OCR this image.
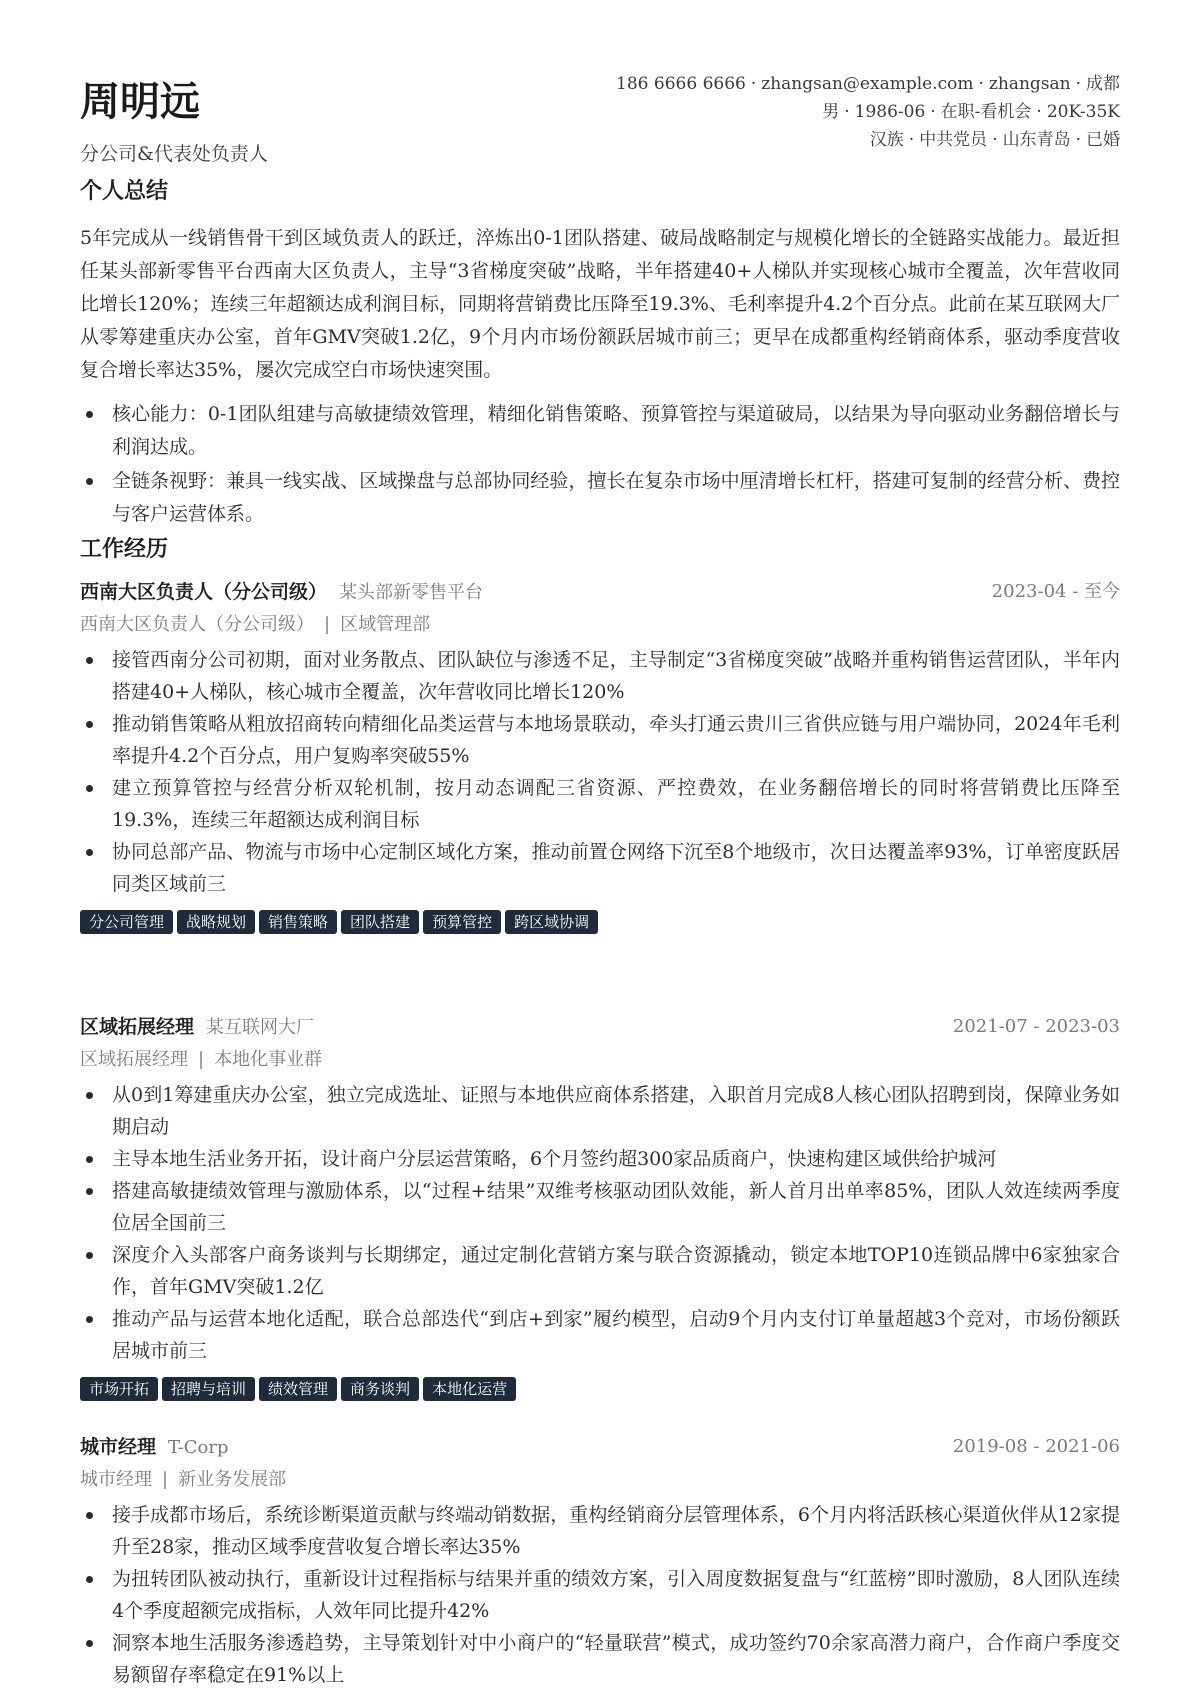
周明远
分公司&代表处负责人
186 6666 6666 · zhangsan@example.com · zhangsan · 成都
男 · 1986-06 · 在职-看机会 · 20K-35K
汉族 · 中共党员 · 山东青岛 · 已婚
个人总结
5年完成从一线销售骨干到区域负责人的跃迁，淬炼出0-1团队搭建、破局战略制定与规模化增长的全链路实战能力。最近担任某头部新零售平台西南大区负责人，主导“3省梯度突破”战略，半年搭建40+人梯队并实现核心城市全覆盖，次年营收同比增长120%；连续三年超额达成利润目标，同期将营销费比压降至19.3%、毛利率提升4.2个百分点。此前在某互联网大厂从零筹建重庆办公室，首年GMV突破1.2亿，9个月内市场份额跃居城市前三；更早在成都重构经销商体系，驱动季度营收复合增长率达35%，屡次完成空白市场快速突围。
核心能力：0-1团队组建与高敏捷绩效管理，精细化销售策略、预算管控与渠道破局，以结果为导向驱动业务翻倍增长与利润达成。
全链条视野：兼具一线实战、区域操盘与总部协同经验，擅长在复杂市场中厘清增长杠杆，搭建可复制的经营分析、费控与客户运营体系。
工作经历
西南大区负责人（分公司级） 某头部新零售平台	2023-04 - 至今
西南大区负责人（分公司级） | 区域管理部
接管西南分公司初期，面对业务散点、团队缺位与渗透不足，主导制定“3省梯度突破”战略并重构销售运营团队，半年内搭建40+人梯队，核心城市全覆盖，次年营收同比增长120%
推动销售策略从粗放招商转向精细化品类运营与本地场景联动，牵头打通云贵川三省供应链与用户端协同，2024年毛利率提升4.2个百分点，用户复购率突破55%
建立预算管控与经营分析双轮机制，按月动态调配三省资源、严控费效，在业务翻倍增长的同时将营销费比压降至19.3%，连续三年超额达成利润目标
协同总部产品、物流与市场中心定制区域化方案，推动前置仓网络下沉至8个地级市，次日达覆盖率93%，订单密度跃居同类区域前三
分公司管理	战略规划	销售策略	团队搭建	预算管控	跨区域协调
区域拓展经理 某互联网大厂	2021-07 - 2023-03
区域拓展经理 | 本地化事业群
从0到1筹建重庆办公室，独立完成选址、证照与本地供应商体系搭建，入职首月完成8人核心团队招聘到岗，保障业务如期启动
主导本地生活业务开拓，设计商户分层运营策略，6个月签约超300家品质商户，快速构建区域供给护城河
搭建高敏捷绩效管理与激励体系，以“过程+结果”双维考核驱动团队效能，新人首月出单率85%，团队人效连续两季度位居全国前三
深度介入头部客户商务谈判与长期绑定，通过定制化营销方案与联合资源撬动，锁定本地TOP10连锁品牌中6家独家合作，首年GMV突破1.2亿
推动产品与运营本地化适配，联合总部迭代“到店+到家”履约模型，启动9个月内支付订单量超越3个竞对，市场份额跃居城市前三
市场开拓	招聘与培训	绩效管理	商务谈判	本地化运营
城市经理 T-Corp	2019-08 - 2021-06
城市经理 | 新业务发展部
接手成都市场后，系统诊断渠道贡献与终端动销数据，重构经销商分层管理体系，6个月内将活跃核心渠道伙伴从12家提升至28家，推动区域季度营收复合增长率达35%
为扭转团队被动执行，重新设计过程指标与结果并重的绩效方案，引入周度数据复盘与“红蓝榜”即时激励，8人团队连续4个季度超额完成指标，人效年同比提升42%
洞察本地生活服务渗透趋势，主导策划针对中小商户的“轻量联营”模式，成功签约70余家高潜力商户，合作商户季度交易额留存率稳定在91%以上
